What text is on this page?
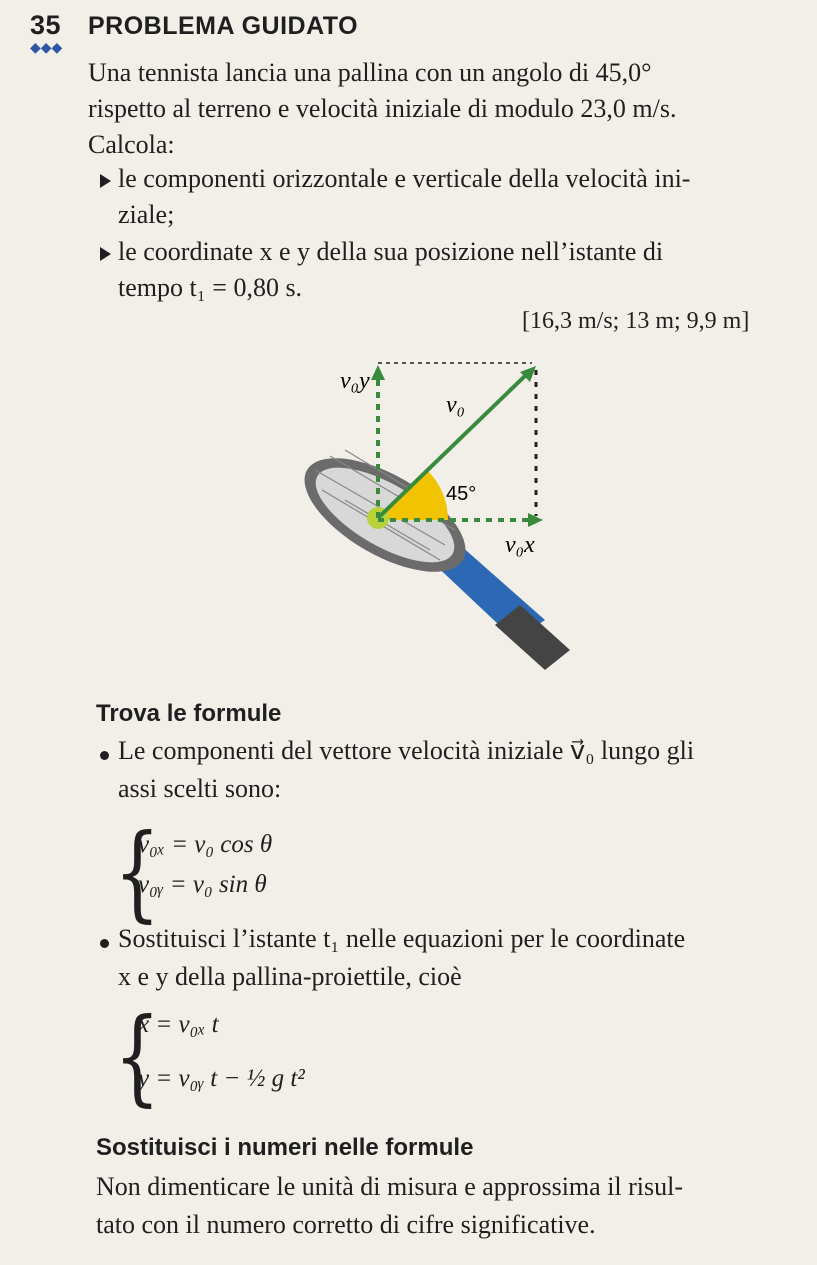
35 PROBLEMA GUIDATO
◆◆◆
Una tennista lancia una pallina con un angolo di 45,0°
rispetto al terreno e velocità iniziale di modulo 23,0 m/s.
Calcola:
le componenti orizzontale e verticale della velocità ini-
ziale;
le coordinate x e y della sua posizione nell’istante di
tempo t₁ = 0,80 s.
[16,3 m/s; 13 m; 9,9 m]
v₀y
v₀
45°
v₀x
Trova le formule
Le componenti del vettore velocità iniziale v⃗₀ lungo gli
assi scelti sono:
{
v₀ₓ = v₀ cos θ
v₀ᵧ = v₀ sin θ
Sostituisci l’istante t₁ nelle equazioni per le coordinate
x e y della pallina-proiettile, cioè
{
x = v₀ₓ t
y = v₀ᵧ t − ½ g t²
Sostituisci i numeri nelle formule
Non dimenticare le unità di misura e approssima il risul-
tato con il numero corretto di cifre significative.
